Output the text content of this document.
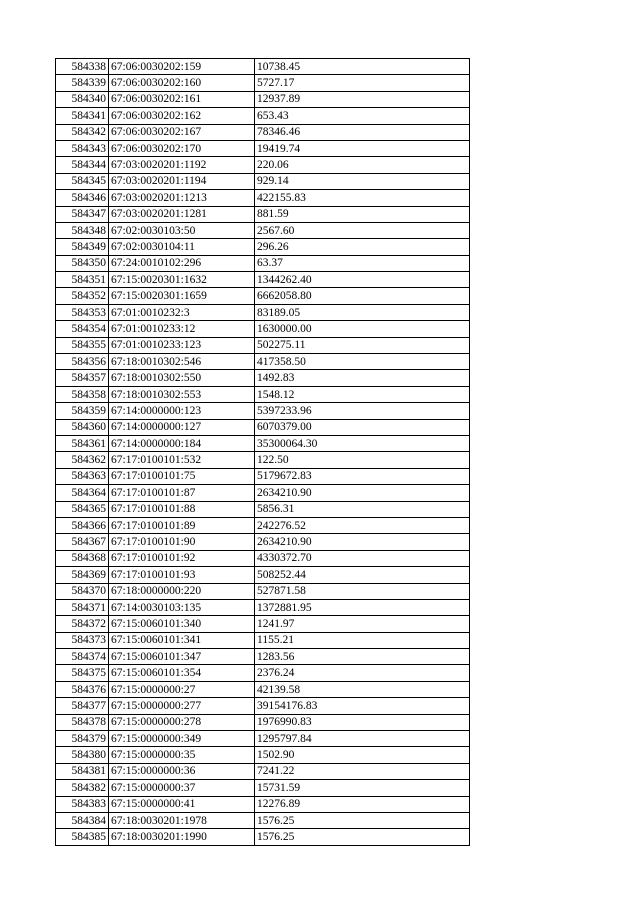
584338	67:06:0030202:159	10738.45
584339	67:06:0030202:160	5727.17
584340	67:06:0030202:161	12937.89
584341	67:06:0030202:162	653.43
584342	67:06:0030202:167	78346.46
584343	67:06:0030202:170	19419.74
584344	67:03:0020201:1192	220.06
584345	67:03:0020201:1194	929.14
584346	67:03:0020201:1213	422155.83
584347	67:03:0020201:1281	881.59
584348	67:02:0030103:50	2567.60
584349	67:02:0030104:11	296.26
584350	67:24:0010102:296	63.37
584351	67:15:0020301:1632	1344262.40
584352	67:15:0020301:1659	6662058.80
584353	67:01:0010232:3	83189.05
584354	67:01:0010233:12	1630000.00
584355	67:01:0010233:123	502275.11
584356	67:18:0010302:546	417358.50
584357	67:18:0010302:550	1492.83
584358	67:18:0010302:553	1548.12
584359	67:14:0000000:123	5397233.96
584360	67:14:0000000:127	6070379.00
584361	67:14:0000000:184	35300064.30
584362	67:17:0100101:532	122.50
584363	67:17:0100101:75	5179672.83
584364	67:17:0100101:87	2634210.90
584365	67:17:0100101:88	5856.31
584366	67:17:0100101:89	242276.52
584367	67:17:0100101:90	2634210.90
584368	67:17:0100101:92	4330372.70
584369	67:17:0100101:93	508252.44
584370	67:18:0000000:220	527871.58
584371	67:14:0030103:135	1372881.95
584372	67:15:0060101:340	1241.97
584373	67:15:0060101:341	1155.21
584374	67:15:0060101:347	1283.56
584375	67:15:0060101:354	2376.24
584376	67:15:0000000:27	42139.58
584377	67:15:0000000:277	39154176.83
584378	67:15:0000000:278	1976990.83
584379	67:15:0000000:349	1295797.84
584380	67:15:0000000:35	1502.90
584381	67:15:0000000:36	7241.22
584382	67:15:0000000:37	15731.59
584383	67:15:0000000:41	12276.89
584384	67:18:0030201:1978	1576.25
584385	67:18:0030201:1990	1576.25
